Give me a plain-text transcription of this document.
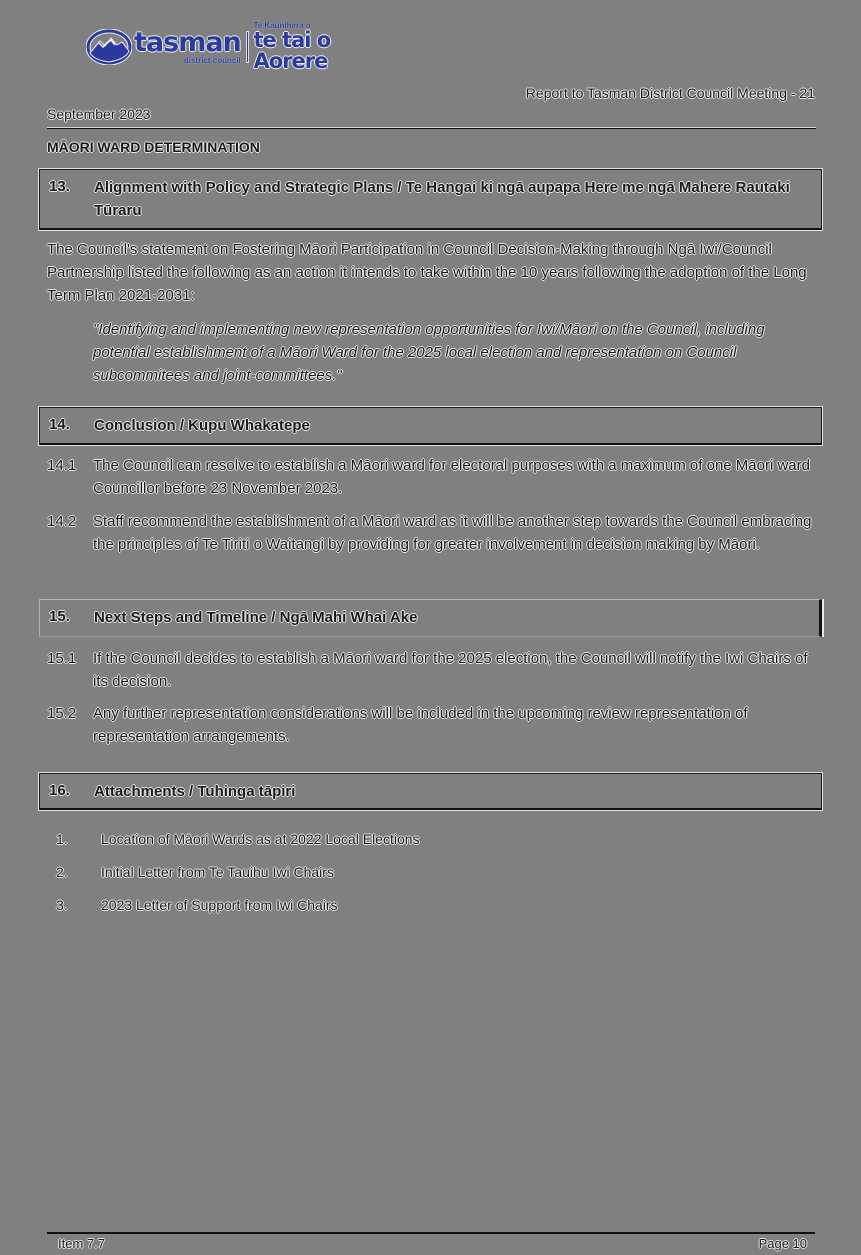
tasman
district council
Te Kaunihera o
te tai o Aorere
Report to Tasman District Council Meeting - 21
September 2023
MĀORI WARD DETERMINATION
13. Alignment with Policy and Strategic Plans / Te Hangai ki ngā aupapa Here me ngā Mahere Rautaki Tūraru
The Council's statement on Fostering Māori Participation in Council Decision-Making through Ngā Iwi/Council Partnership listed the following as an action it intends to take within the 10 years following the adoption of the Long Term Plan 2021-2031:
"Identifying and implementing new representation opportunities for Iwi/Māori on the Council, including potential establishment of a Māori Ward for the 2025 local election and representation on Council subcommitees and joint-committees."
14. Conclusion / Kupu Whakatepe
14.1 The Council can resolve to establish a Māori ward for electoral purposes with a maximum of one Māori ward Councillor before 23 November 2023.
14.2 Staff recommend the establishment of a Māori ward as it will be another step towards the Council embracing the principles of Te Tiriti o Waitangi by providing for greater involvement in decision making by Māori.
15. Next Steps and Timeline / Ngā Mahi Whai Ake
15.1 If the Council decides to establish a Māori ward for the 2025 election, the Council will notify the Iwi Chairs of its decision.
15.2 Any further representation considerations will be included in the upcoming review representation of representation arrangements.
16. Attachments / Tuhinga tāpiri
1. Location of Māori Wards as at 2022 Local Elections
2. Initial Letter from Te Tauihu Iwi Chairs
3. 2023 Letter of Support from Iwi Chairs
Item 7.7	Page 10
